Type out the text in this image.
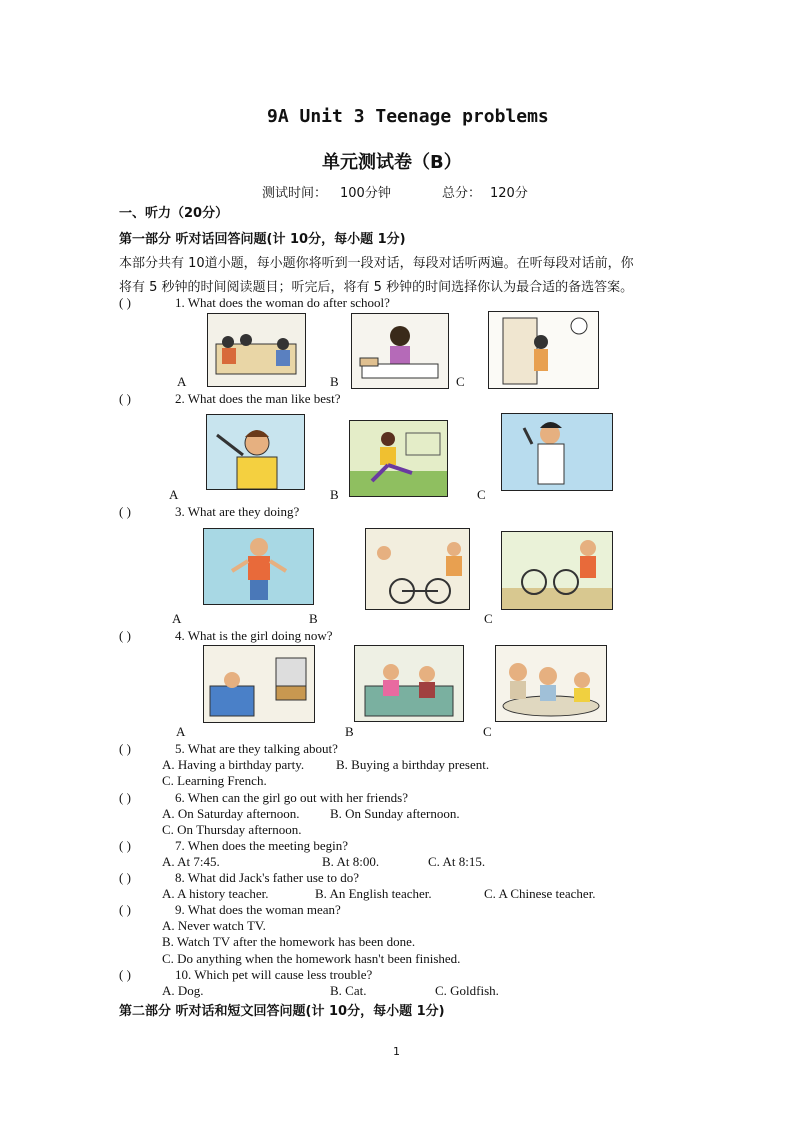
9A Unit 3 Teenage problems
单元测试卷（B）
测试时间： 100分钟	总分： 120分
一、听力（20分）
第一部分 听对话回答问题(计 10分，每小题 1分)
本部分共有 10道小题，每小题你将听到一段对话，每段对话听两遍。在听每段对话前，你
将有 5 秒钟的时间阅读题目；听完后，将有 5 秒钟的时间选择你认为最合适的备选答案。
( )	1. What does the woman do after school?
A	B	C
( )	2. What does the man like best?
A	B	C
( )	3. What are they doing?
A	B	C
( )	4. What is the girl doing now?
A	B	C
( )	5. What are they talking about?
A. Having a birthday party. B. Buying a birthday present.
C. Learning French.
( )	6. When can the girl go out with her friends?
A. On Saturday afternoon. B. On Sunday afternoon.
C. On Thursday afternoon.
( )	7. When does the meeting begin?
A. At 7:45.	B. At 8:00.	C. At 8:15.
( )	8. What did Jack's father use to do?
A. A history teacher.	B. An English teacher.	C. A Chinese teacher.
( )	9. What does the woman mean?
A. Never watch TV.
B. Watch TV after the homework has been done.
C. Do anything when the homework hasn't been finished.
( )	10. Which pet will cause less trouble?
A. Dog.	B. Cat.	C. Goldfish.
第二部分 听对话和短文回答问题(计 10分，每小题 1分)
1
